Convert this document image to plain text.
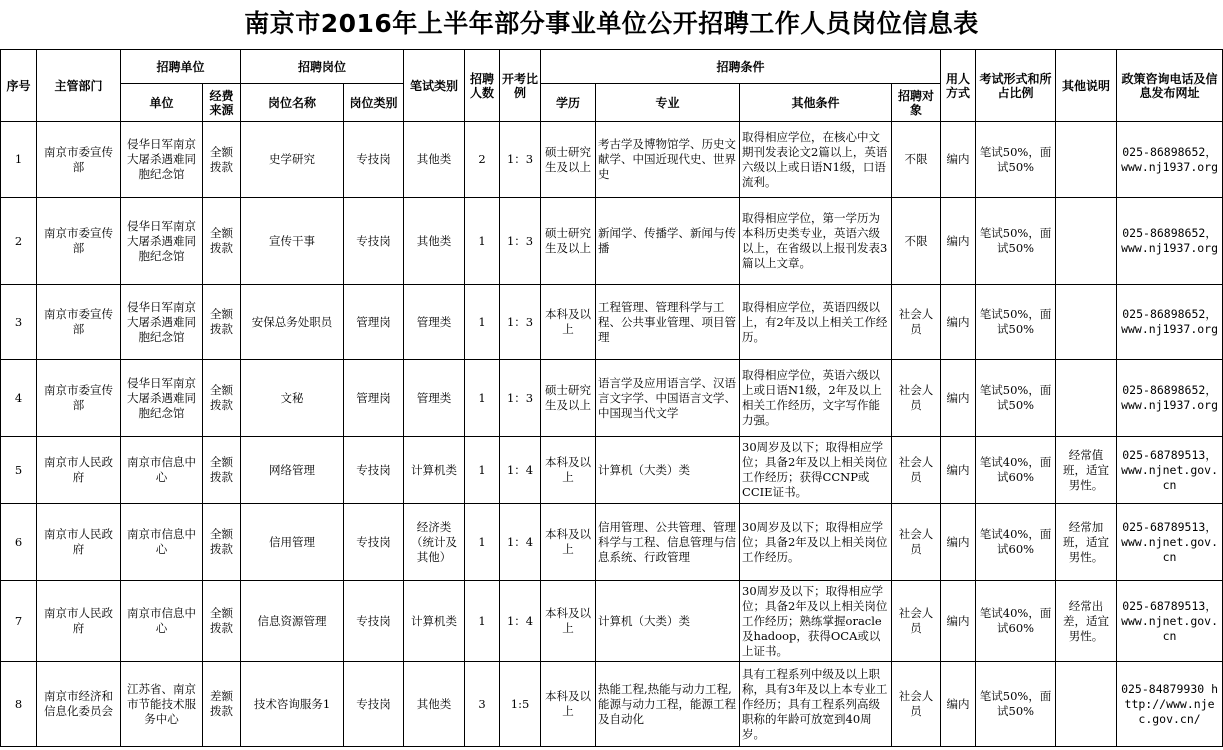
南京市2016年上半年部分事业单位公开招聘工作人员岗位信息表
序号	主管部门	招聘单位		招聘岗位		笔试类别	招聘人数	开考比例	招聘条件				用人方式	考试形式和所占比例	其他说明	政策咨询电话及信息发布网址
		单位	经费来源	岗位名称	岗位类别				学历	专业	其他条件	招聘对象				
1	南京市委宣传部	侵华日军南京大屠杀遇难同胞纪念馆	全额拨款	史学研究	专技岗	其他类	2	1：3	硕士研究生及以上	考古学及博物馆学、历史文献学、中国近现代史、世界史	取得相应学位，在核心中文期刊发表论文2篇以上，英语六级以上或日语N1级，口语流利。	不限	编内	笔试50%，面试50%		025-86898652，www.nj1937.org
2	南京市委宣传部	侵华日军南京大屠杀遇难同胞纪念馆	全额拨款	宣传干事	专技岗	其他类	1	1：3	硕士研究生及以上	新闻学、传播学、新闻与传播	取得相应学位，第一学历为本科历史类专业，英语六级以上，在省级以上报刊发表3篇以上文章。	不限	编内	笔试50%，面试50%		025-86898652，www.nj1937.org
3	南京市委宣传部	侵华日军南京大屠杀遇难同胞纪念馆	全额拨款	安保总务处职员	管理岗	管理类	1	1：3	本科及以上	工程管理、管理科学与工程、公共事业管理、项目管理	取得相应学位，英语四级以上，有2年及以上相关工作经历。	社会人员	编内	笔试50%，面试50%		025-86898652，www.nj1937.org
4	南京市委宣传部	侵华日军南京大屠杀遇难同胞纪念馆	全额拨款	文秘	管理岗	管理类	1	1：3	硕士研究生及以上	语言学及应用语言学、汉语言文字学、中国语言文学、中国现当代文学	取得相应学位，英语六级以上或日语N1级，2年及以上相关工作经历，文字写作能力强。	社会人员	编内	笔试50%，面试50%		025-86898652，www.nj1937.org
5	南京市人民政府	南京市信息中心	全额拨款	网络管理	专技岗	计算机类	1	1：4	本科及以上	计算机（大类）类	30周岁及以下；取得相应学位；具备2年及以上相关岗位工作经历；获得CCNP或CCIE证书。	社会人员	编内	笔试40%，面试60%	经常值班，适宜男性。	025-68789513，www.njnet.gov.cn
6	南京市人民政府	南京市信息中心	全额拨款	信用管理	专技岗	经济类（统计及其他）	1	1：4	本科及以上	信用管理、公共管理、管理科学与工程、信息管理与信息系统、行政管理	30周岁及以下；取得相应学位；具备2年及以上相关岗位工作经历。	社会人员	编内	笔试40%，面试60%	经常加班，适宜男性。	025-68789513，www.njnet.gov.cn
7	南京市人民政府	南京市信息中心	全额拨款	信息资源管理	专技岗	计算机类	1	1：4	本科及以上	计算机（大类）类	30周岁及以下；取得相应学位；具备2年及以上相关岗位工作经历；熟练掌握oracle及hadoop，获得OCA或以上证书。	社会人员	编内	笔试40%，面试60%	经常出差，适宜男性。	025-68789513，www.njnet.gov.cn
8	南京市经济和信息化委员会	江苏省、南京市节能技术服务中心	差额拨款	技术咨询服务1	专技岗	其他类	3	1:5	本科及以上	热能工程,热能与动力工程,能源与动力工程，能源工程及自动化	具有工程系列中级及以上职称，具有3年及以上本专业工作经历；具有工程系列高级职称的年龄可放宽到40周岁。	社会人员	编内	笔试50%，面试50%		025-84879930 http://www.njec.gov.cn/
